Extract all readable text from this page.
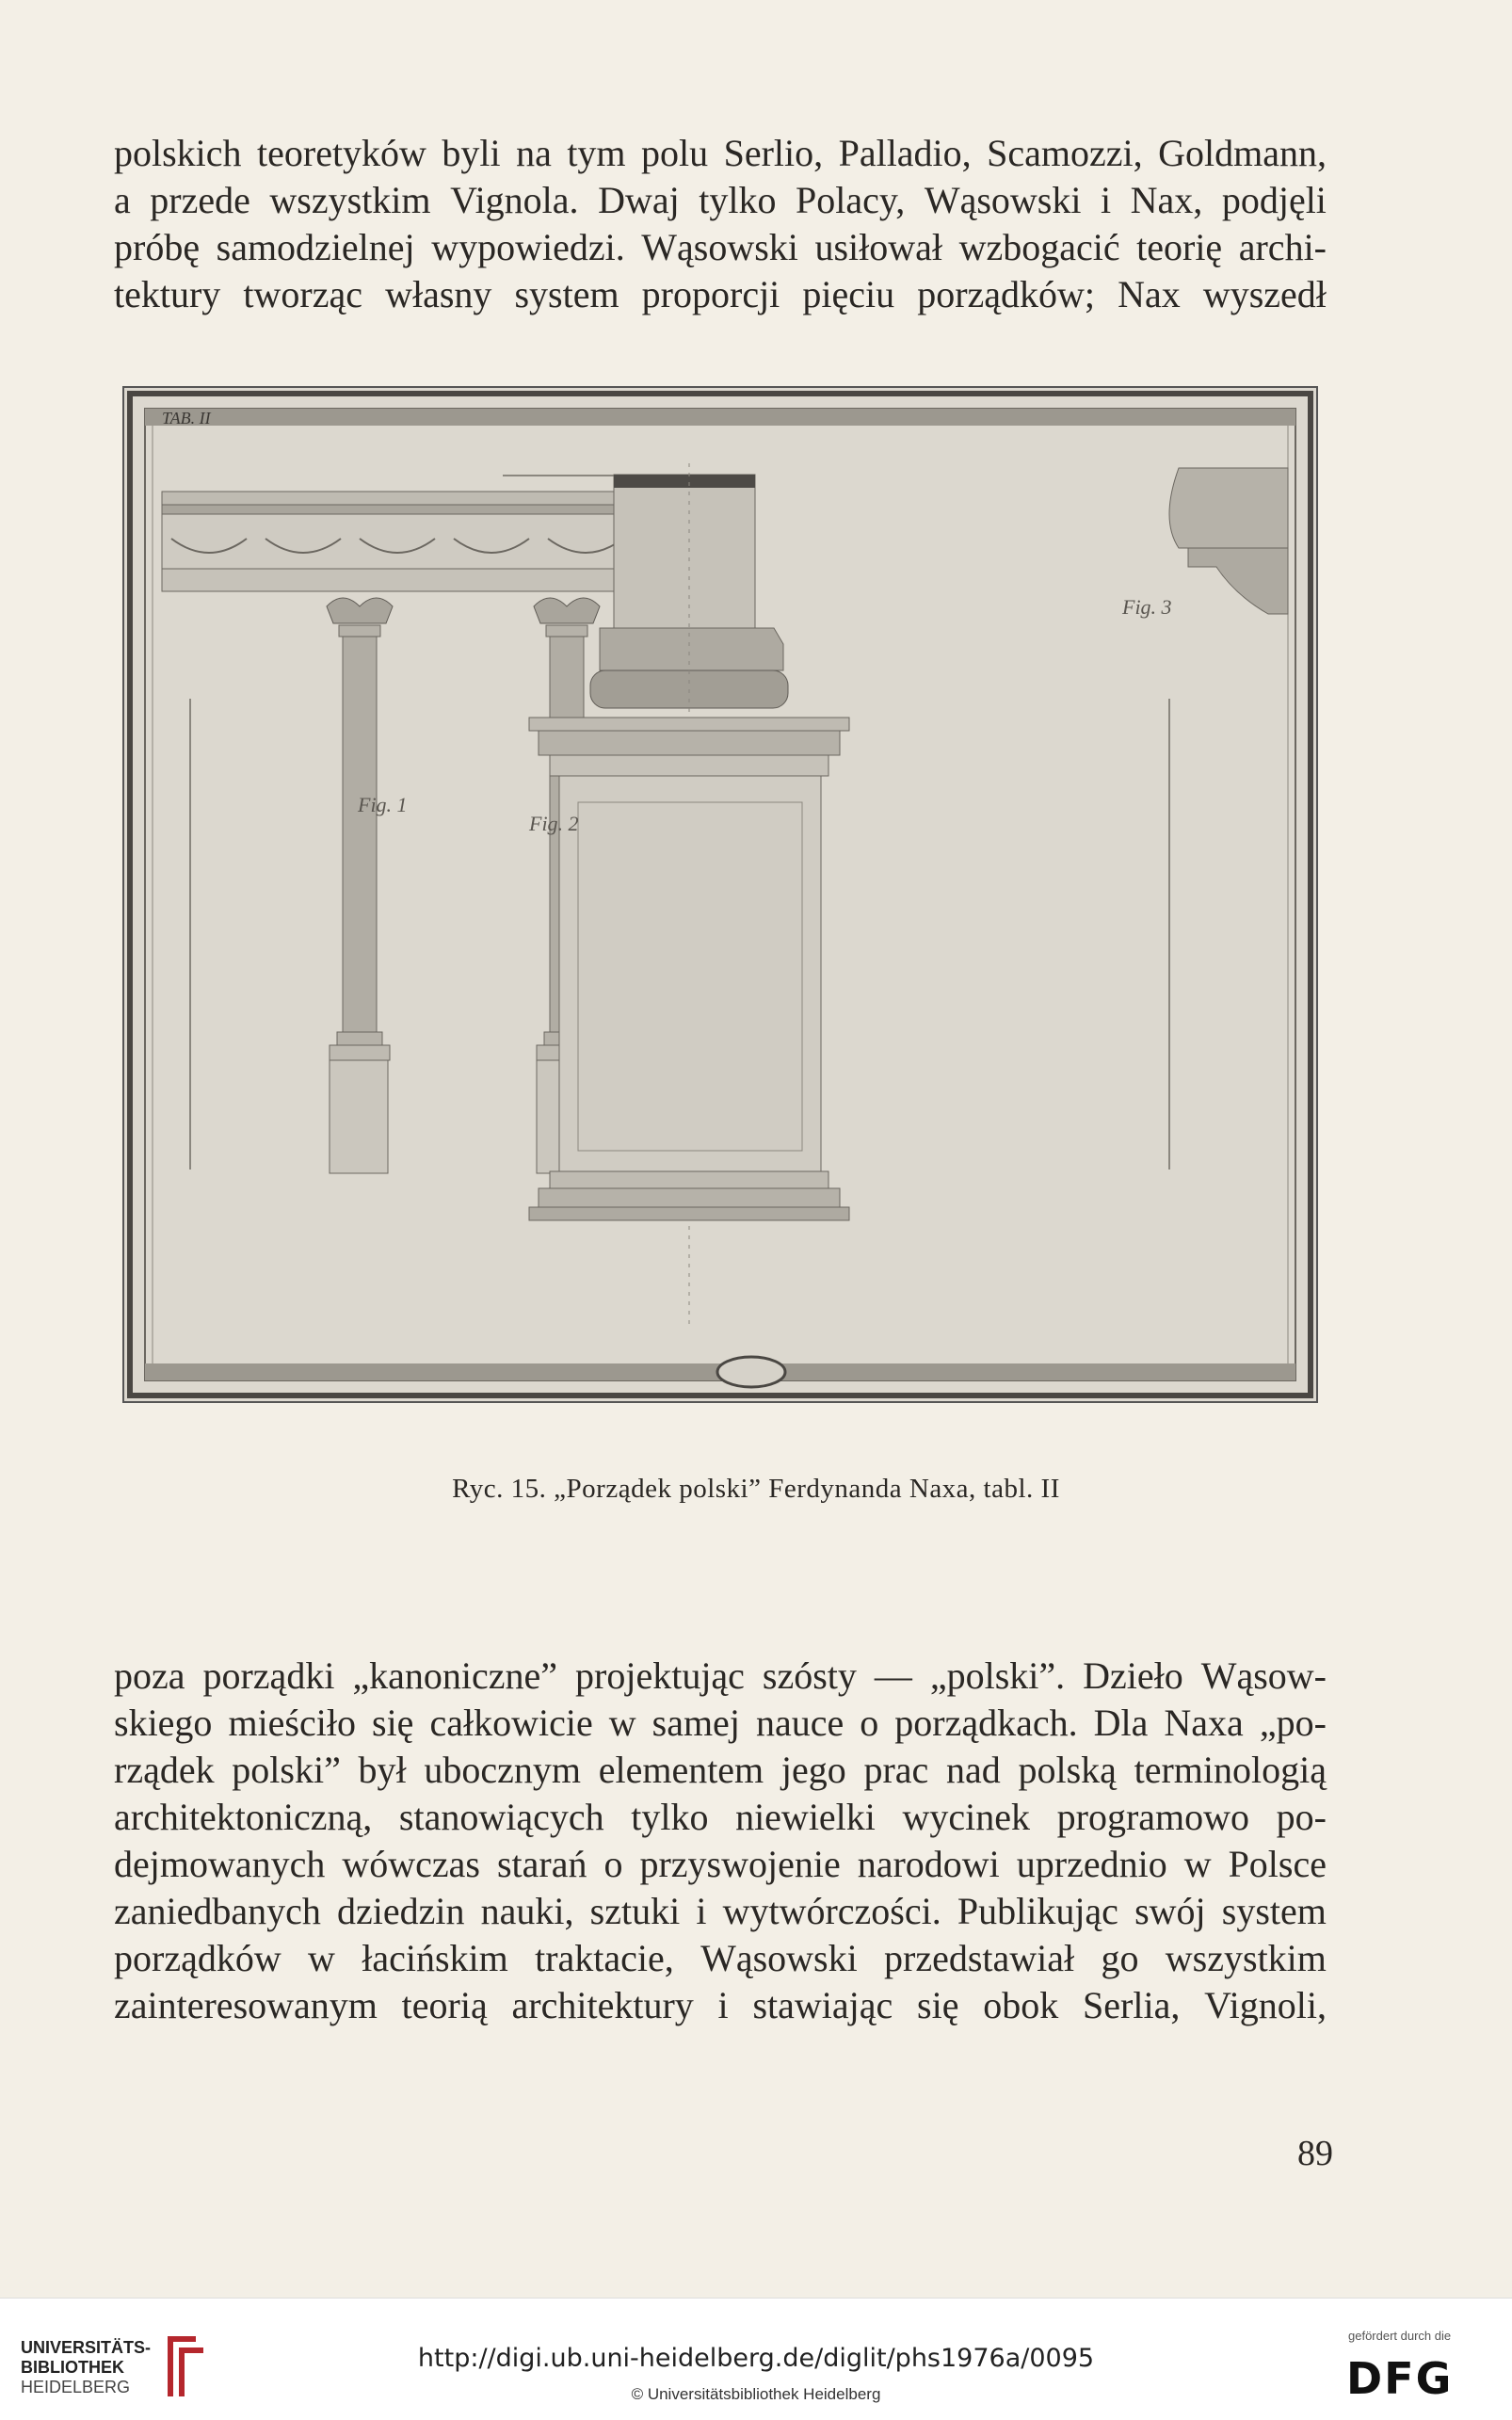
polskich teoretyków byli na tym polu Serlio, Palladio, Scamozzi, Goldmann,
a przede wszystkim Vignola. Dwaj tylko Polacy, Wąsowski i Nax, podjęli
próbę samodzielnej wypowiedzi. Wąsowski usiłował wzbogacić teorię archi-
tektury tworząc własny system proporcji pięciu porządków; Nax wyszedł

TAB. II
Fig. 1
Fig. 2
Fig. 3
Ryc. 15. „Porządek polski” Ferdynanda Naxa, tabl. II

poza porządki „kanoniczne” projektując szósty — „polski”. Dzieło Wąsow-
skiego mieściło się całkowicie w samej nauce o porządkach. Dla Naxa „po-
rządek polski” był ubocznym elementem jego prac nad polską terminologią
architektoniczną, stanowiących tylko niewielki wycinek programowo po-
dejmowanych wówczas starań o przyswojenie narodowi uprzednio w Polsce
zaniedbanych dziedzin nauki, sztuki i wytwórczości. Publikując swój system
porządków w łacińskim traktacie, Wąsowski przedstawiał go wszystkim
zainteresowanym teorią architektury i stawiając się obok Serlia, Vignoli,

89
UNIVERSITÄTS-
BIBLIOTHEK
HEIDELBERG
http://digi.ub.uni-heidelberg.de/diglit/phs1976a/0095
© Universitätsbibliothek Heidelberg
gefördert durch die
DFG
